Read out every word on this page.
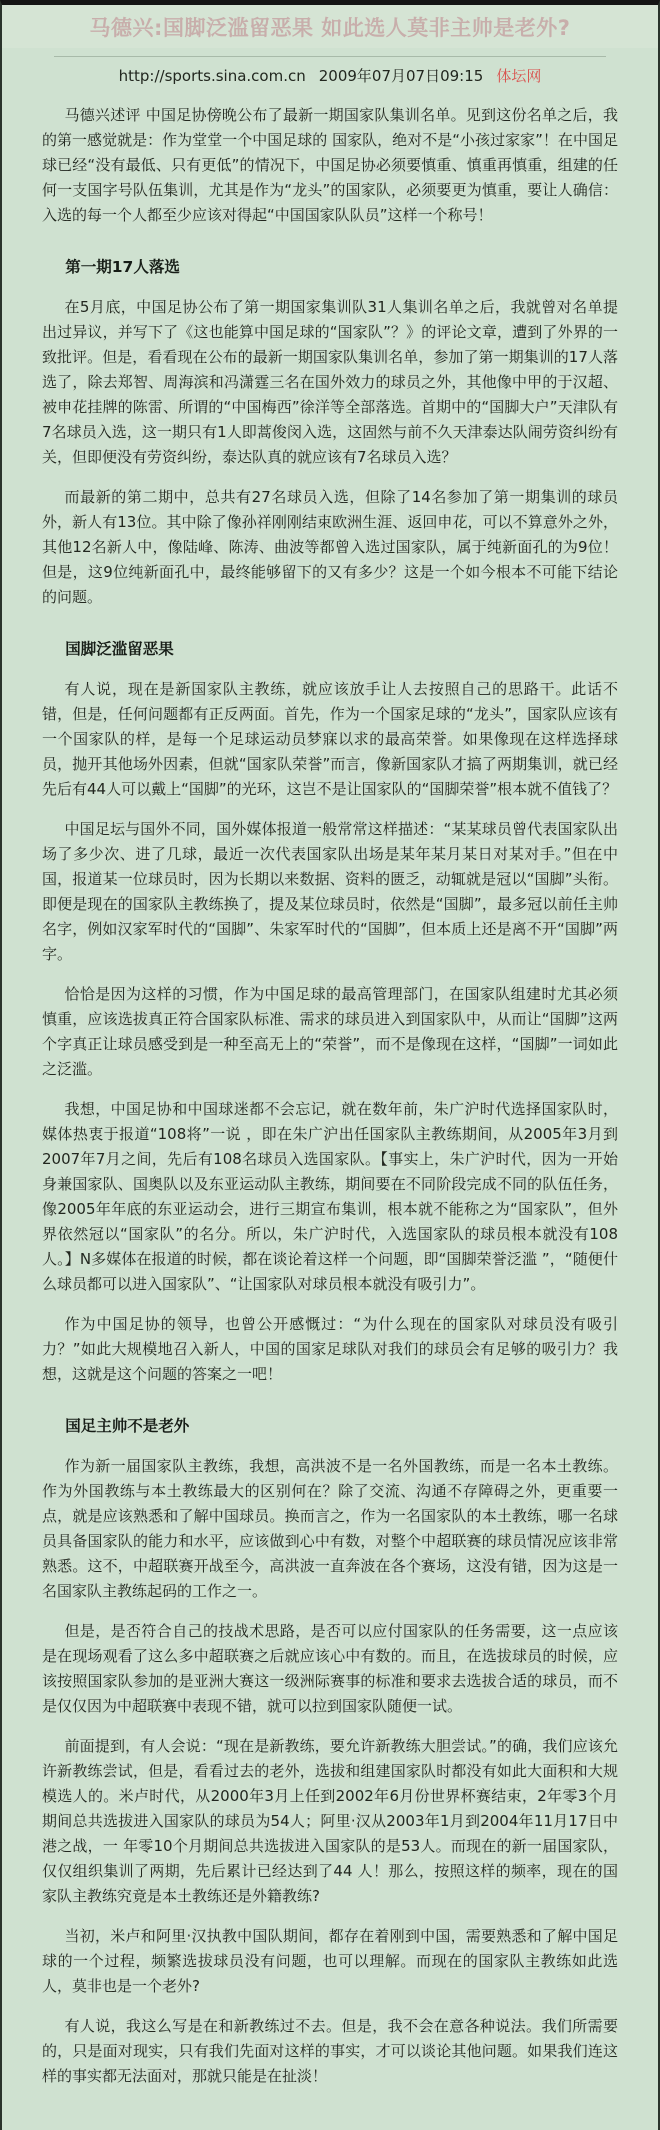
马德兴:国脚泛滥留恶果 如此选人莫非主帅是老外?
http://sports.sina.com.cn 2009年07月07日09:15 体坛网

马德兴述评 中国足协傍晚公布了最新一期国家队集训名单。见到这份名单之后，我的第一感觉就是：作为堂堂一个中国足球的 国家队，绝对不是“小孩过家家”！在中国足球已经“没有最低、只有更低”的情况下，中国足协必须要慎重、慎重再慎重，组建的任何一支国字号队伍集训，尤其是作为“龙头”的国家队，必须要更为慎重，要让人确信：入选的每一个人都至少应该对得起“中国国家队队员”这样一个称号！

第一期17人落选

在5月底，中国足协公布了第一期国家集训队31人集训名单之后，我就曾对名单提出过异议，并写下了《这也能算中国足球的“国家队”？》的评论文章，遭到了外界的一致批评。但是，看看现在公布的最新一期国家队集训名单，参加了第一期集训的17人落选了，除去郑智、周海滨和冯潇霆三名在国外效力的球员之外，其他像中甲的于汉超、被申花挂牌的陈雷、所谓的“中国梅西”徐洋等全部落选。首期中的“国脚大户”天津队有7名球员入选，这一期只有1人即蒿俊闵入选，这固然与前不久天津泰达队闹劳资纠纷有关，但即便没有劳资纠纷，泰达队真的就应该有7名球员入选？

而最新的第二期中，总共有27名球员入选，但除了14名参加了第一期集训的球员外，新人有13位。其中除了像孙祥刚刚结束欧洲生涯、返回申花，可以不算意外之外，其他12名新人中，像陆峰、陈涛、曲波等都曾入选过国家队，属于纯新面孔的为9位！但是，这9位纯新面孔中，最终能够留下的又有多少？这是一个如今根本不可能下结论的问题。

国脚泛滥留恶果

有人说，现在是新国家队主教练，就应该放手让人去按照自己的思路干。此话不错，但是，任何问题都有正反两面。首先，作为一个国家足球的“龙头”，国家队应该有一个国家队的样，是每一个足球运动员梦寐以求的最高荣誉。如果像现在这样选择球员，抛开其他场外因素，但就“国家队荣誉”而言，像新国家队才搞了两期集训，就已经先后有44人可以戴上“国脚”的光环，这岂不是让国家队的“国脚荣誉”根本就不值钱了？

中国足坛与国外不同，国外媒体报道一般常常这样描述：“某某球员曾代表国家队出场了多少次、进了几球，最近一次代表国家队出场是某年某月某日对某对手。”但在中国，报道某一位球员时，因为长期以来数据、资料的匮乏，动辄就是冠以“国脚”头衔。即便是现在的国家队主教练换了，提及某位球员时，依然是“国脚”，最多冠以前任主帅名字，例如汉家军时代的“国脚”、朱家军时代的“国脚”，但本质上还是离不开“国脚”两字。

恰恰是因为这样的习惯，作为中国足球的最高管理部门，在国家队组建时尤其必须慎重，应该选拔真正符合国家队标准、需求的球员进入到国家队中，从而让“国脚”这两个字真正让球员感受到是一种至高无上的“荣誉”，而不是像现在这样，“国脚”一词如此之泛滥。

我想，中国足协和中国球迷都不会忘记，就在数年前，朱广沪时代选择国家队时，媒体热衷于报道“108将”一说 ，即在朱广沪出任国家队主教练期间，从2005年3月到2007年7月之间，先后有108名球员入选国家队。【事实上，朱广沪时代，因为一开始身兼国家队、国奥队以及东亚运动队主教练，期间要在不同阶段完成不同的队伍任务，像2005年年底的东亚运动会，进行三期宣布集训，根本就不能称之为“国家队”，但外界依然冠以“国家队”的名分。所以，朱广沪时代，入选国家队的球员根本就没有108人。】N多媒体在报道的时候，都在谈论着这样一个问题，即“国脚荣誉泛滥 ”，“随便什么球员都可以进入国家队”、“让国家队对球员根本就没有吸引力”。

作为中国足协的领导，也曾公开感慨过：“为什么现在的国家队对球员没有吸引力？”如此大规模地召入新人，中国的国家足球队对我们的球员会有足够的吸引力？我想，这就是这个问题的答案之一吧！

国足主帅不是老外

作为新一届国家队主教练，我想，高洪波不是一名外国教练，而是一名本土教练。作为外国教练与本土教练最大的区别何在？除了交流、沟通不存障碍之外，更重要一点，就是应该熟悉和了解中国球员。换而言之，作为一名国家队的本土教练，哪一名球员具备国家队的能力和水平，应该做到心中有数，对整个中超联赛的球员情况应该非常熟悉。这不，中超联赛开战至今，高洪波一直奔波在各个赛场，这没有错，因为这是一名国家队主教练起码的工作之一。

但是，是否符合自己的技战术思路，是否可以应付国家队的任务需要，这一点应该是在现场观看了这么多中超联赛之后就应该心中有数的。而且，在选拔球员的时候，应该按照国家队参加的是亚洲大赛这一级洲际赛事的标准和要求去选拔合适的球员，而不是仅仅因为中超联赛中表现不错，就可以拉到国家队随便一试。

前面提到，有人会说：“现在是新教练，要允许新教练大胆尝试。”的确，我们应该允许新教练尝试，但是，看看过去的老外，选拔和组建国家队时都没有如此大面积和大规模选人的。米卢时代，从2000年3月上任到2002年6月份世界杯赛结束，2年零3个月期间总共选拔进入国家队的球员为54人；阿里·汉从2003年1月到2004年11月17日中港之战，一 年零10个月期间总共选拔进入国家队的是53人。而现在的新一届国家队，仅仅组织集训了两期，先后累计已经达到了44 人！那么，按照这样的频率，现在的国家队主教练究竟是本土教练还是外籍教练?

当初，米卢和阿里·汉执教中国队期间，都存在着刚到中国，需要熟悉和了解中国足球的一个过程，频繁选拔球员没有问题，也可以理解。而现在的国家队主教练如此选人，莫非也是一个老外?

有人说，我这么写是在和新教练过不去。但是，我不会在意各种说法。我们所需要的，只是面对现实，只有我们先面对这样的事实，才可以谈论其他问题。如果我们连这样的事实都无法面对，那就只能是在扯淡！
